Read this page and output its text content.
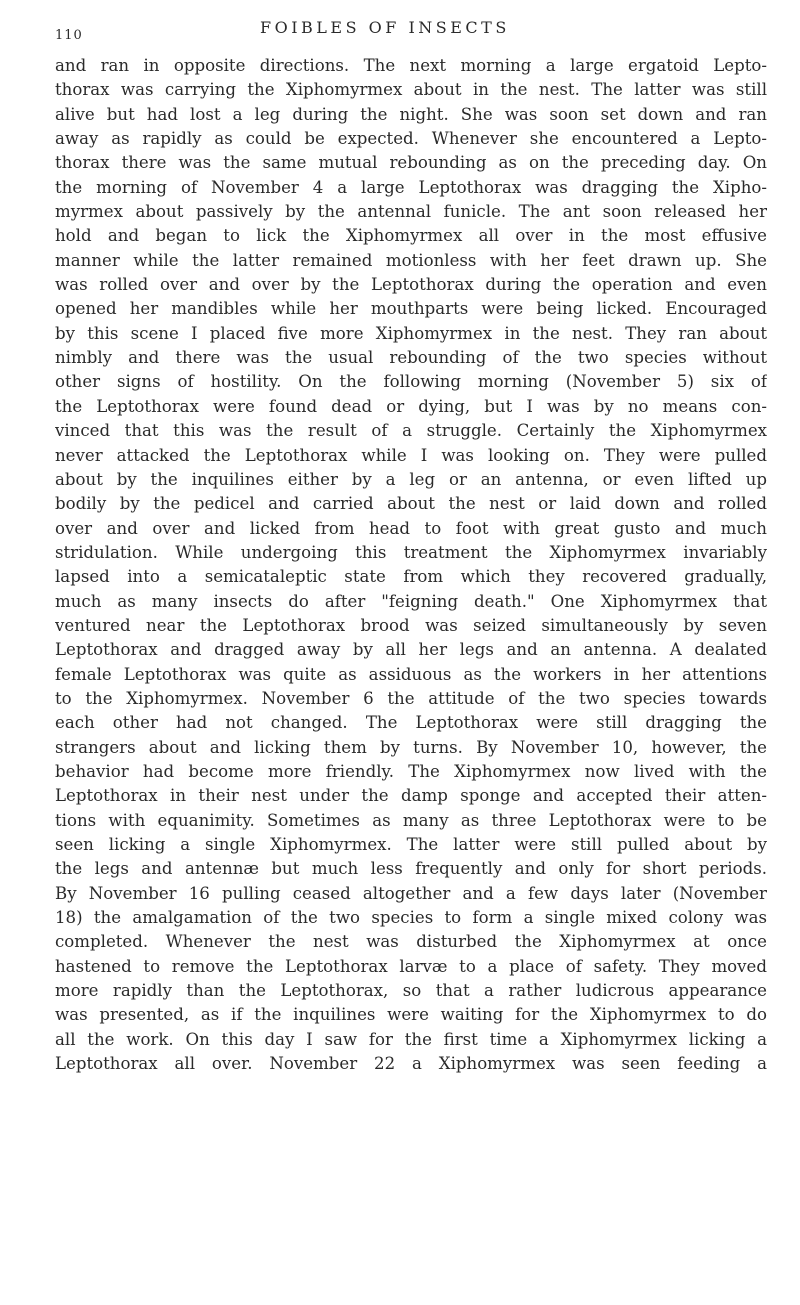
110	FOIBLES OF INSECTS
and ran in opposite directions. The next morning a large ergatoid Lepto-
thorax was carrying the Xiphomyrmex about in the nest. The latter was still
alive but had lost a leg during the night. She was soon set down and ran
away as rapidly as could be expected. Whenever she encountered a Lepto-
thorax there was the same mutual rebounding as on the preceding day. On
the morning of November 4 a large Leptothorax was dragging the Xipho-
myrmex about passively by the antennal funicle. The ant soon released her
hold and began to lick the Xiphomyrmex all over in the most effusive
manner while the latter remained motionless with her feet drawn up. She
was rolled over and over by the Leptothorax during the operation and even
opened her mandibles while her mouthparts were being licked. Encouraged
by this scene I placed five more Xiphomyrmex in the nest. They ran about
nimbly and there was the usual rebounding of the two species without
other signs of hostility. On the following morning (November 5) six of
the Leptothorax were found dead or dying, but I was by no means con-
vinced that this was the result of a struggle. Certainly the Xiphomyrmex
never attacked the Leptothorax while I was looking on. They were pulled
about by the inquilines either by a leg or an antenna, or even lifted up
bodily by the pedicel and carried about the nest or laid down and rolled
over and over and licked from head to foot with great gusto and much
stridulation. While undergoing this treatment the Xiphomyrmex invariably
lapsed into a semicataleptic state from which they recovered gradually,
much as many insects do after "feigning death." One Xiphomyrmex that
ventured near the Leptothorax brood was seized simultaneously by seven
Leptothorax and dragged away by all her legs and an antenna. A dealated
female Leptothorax was quite as assiduous as the workers in her attentions
to the Xiphomyrmex. November 6 the attitude of the two species towards
each other had not changed. The Leptothorax were still dragging the
strangers about and licking them by turns. By November 10, however, the
behavior had become more friendly. The Xiphomyrmex now lived with the
Leptothorax in their nest under the damp sponge and accepted their atten-
tions with equanimity. Sometimes as many as three Leptothorax were to be
seen licking a single Xiphomyrmex. The latter were still pulled about by
the legs and antennæ but much less frequently and only for short periods.
By November 16 pulling ceased altogether and a few days later (November
18) the amalgamation of the two species to form a single mixed colony was
completed. Whenever the nest was disturbed the Xiphomyrmex at once
hastened to remove the Leptothorax larvæ to a place of safety. They moved
more rapidly than the Leptothorax, so that a rather ludicrous appearance
was presented, as if the inquilines were waiting for the Xiphomyrmex to do
all the work. On this day I saw for the first time a Xiphomyrmex licking a
Leptothorax all over. November 22 a Xiphomyrmex was seen feeding a
